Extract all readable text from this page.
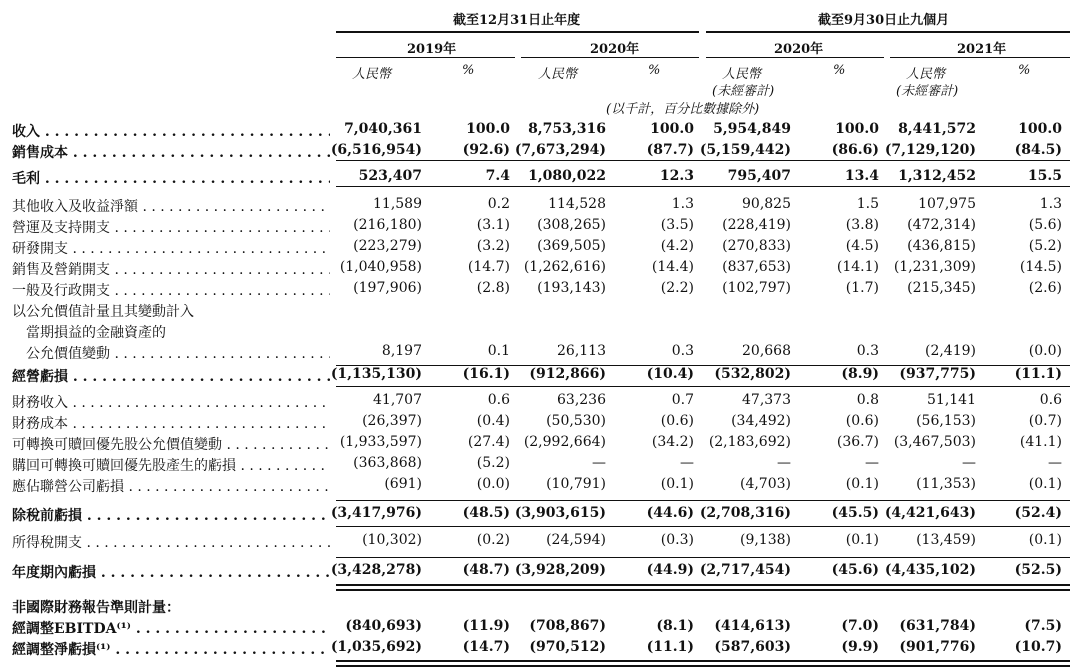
截至12月31日止年度	截至9月30日止九個月
2019年	2020年	2020年	2021年
人民幣	%	人民幣	%	人民幣
(未經審計)
%	人民幣
(未經審計)
%
(以千計，百分比數據除外)
收入 . . .	7,040,361	100.0 8,753,316	100.0 5,954,849	100.0 8,441,572	100.0
銷售成本 . . .	(6,516,954)	(92.6) (7,673,294)	(87.7) (5,159,442)	(86.6) (7,129,120)	(84.5)
毛利 . . .	523,407	7.4 1,080,022	12.3 795,407	13.4 1,312,452	15.5
其他收入及收益淨額 . . .	11,589	0.2	114,528	1.3	90,825	1.5	107,975	1.3
營運及支持開支 . . .	(216,180)	(3.1) (308,265)	(3.5) (228,419)	(3.8) (472,314)	(5.6)
研發開支 . . .	(223,279)	(3.2) (369,505)	(4.2) (270,833)	(4.5) (436,815)	(5.2)
銷售及營銷開支 . . .	(1,040,958)	(14.7) (1,262,616)	(14.4) (837,653)	(14.1) (1,231,309)	(14.5)
一般及行政開支 . . .	(197,906)	(2.8) (193,143)	(2.2) (102,797)	(1.7) (215,345)	(2.6)
以公允價值計量且其變動計入
　當期損益的金融資產的
　公允價值變動 . . .	8,197	0.1	26,113	0.3	20,668	0.3	(2,419)	(0.0)
經營虧損 . . .	(1,135,130)	(16.1) (912,866)	(10.4) (532,802)	(8.9) (937,775)	(11.1)
財務收入 . . .	41,707	0.6	63,236	0.7	47,373	0.8	51,141	0.6
財務成本 . . .	(26,397)	(0.4)	(50,530)	(0.6)	(34,492)	(0.6)	(56,153)	(0.7)
可轉換可贖回優先股公允價值變動 . . .	(1,933,597)	(27.4) (2,992,664)	(34.2) (2,183,692)	(36.7) (3,467,503)	(41.1)
購回可轉換可贖回優先股產生的虧損 . . .	(363,868)	(5.2)	—	—	—	—	—	—
應佔聯營公司虧損 . . .	(691)	(0.0)	(10,791)	(0.1)	(4,703)	(0.1)	(11,353)	(0.1)
除稅前虧損 . . .	(3,417,976)	(48.5) (3,903,615)	(44.6) (2,708,316)	(45.5) (4,421,643)	(52.4)
所得稅開支 . . .	(10,302)	(0.2)	(24,594)	(0.3)	(9,138)	(0.1)	(13,459)	(0.1)
年度期內虧損 . . .	(3,428,278)	(48.7) (3,928,209)	(44.9) (2,717,454)	(45.6) (4,435,102)	(52.5)
非國際財務報告準則計量：
經調整EBITDA⁽¹⁾ . . .	(840,693)	(11.9) (708,867)	(8.1) (414,613)	(7.0) (631,784)	(7.5)
經調整淨虧損⁽¹⁾ . . .	(1,035,692)	(14.7) (970,512)	(11.1) (587,603)	(9.9) (901,776)	(10.7)
